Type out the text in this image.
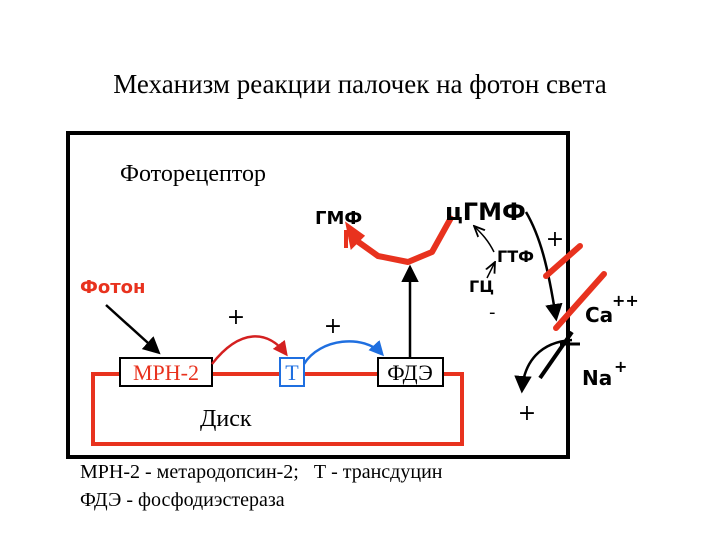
Механизм реакции палочек на фотон света
Фоторецептор
МРН-2	Т	ФДЭ
Диск
Фотон
+	+
ГМФ	цГМФ
ГТФ
ГЦ
-
+
Ca
++
+
Na +
МРН-2 - метародопсин-2;   Т - трансдуцин
ФДЭ - фосфодиэстераза
